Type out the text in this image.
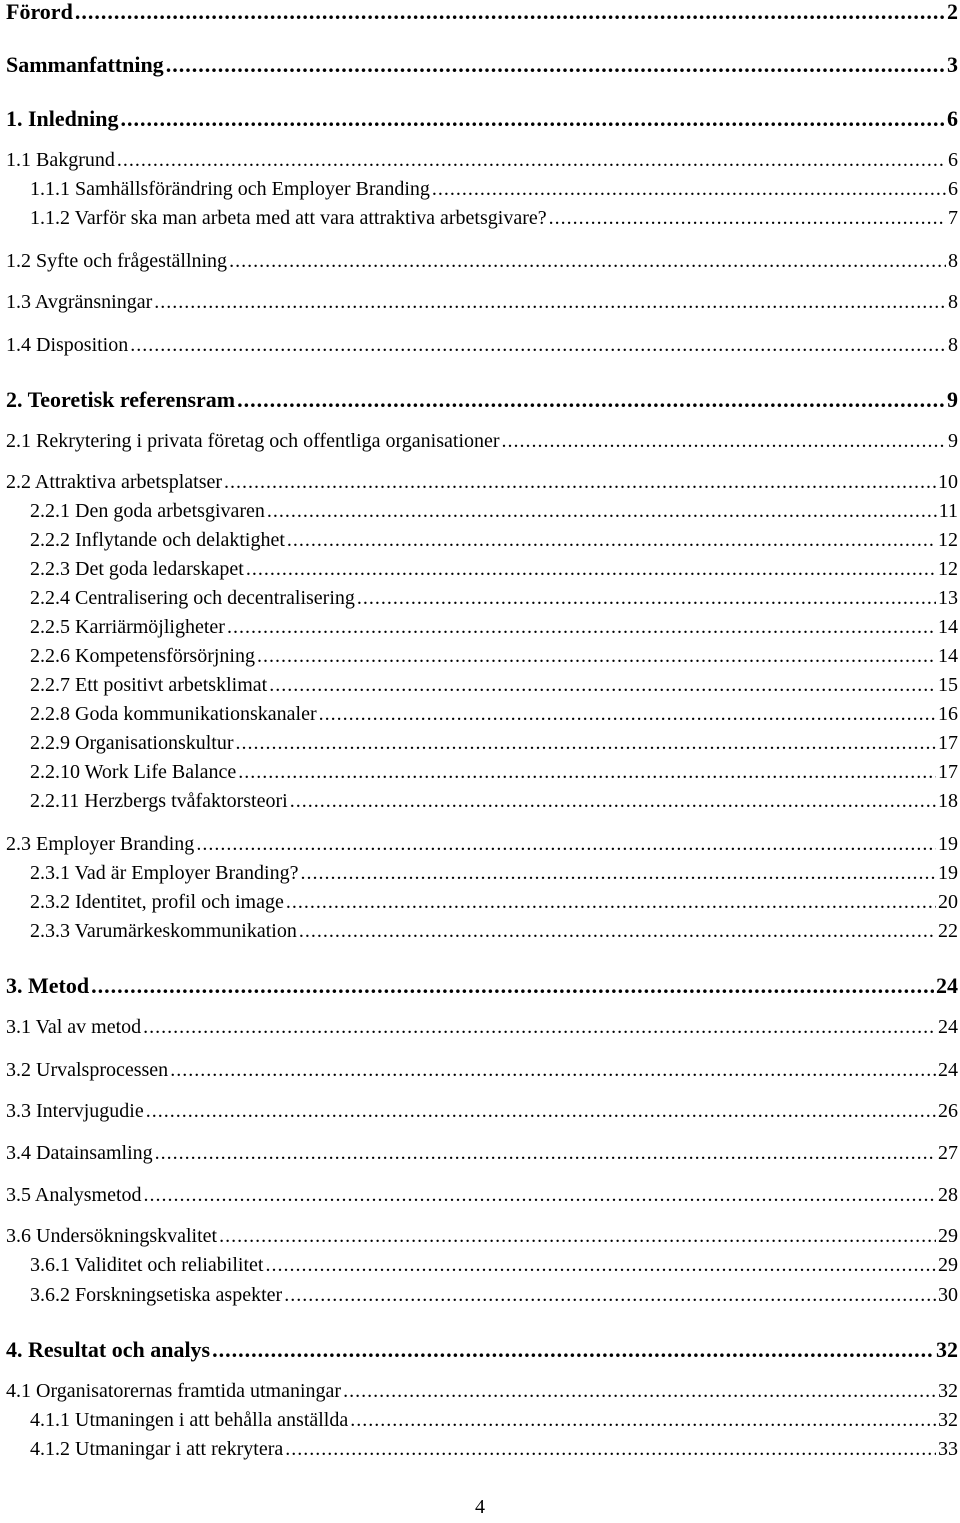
Förord .....	2
Sammanfattning .....	3
1. Inledning .....	6
1.1 Bakgrund .....	6
1.1.1 Samhällsförändring och Employer Branding .....	6
1.1.2 Varför ska man arbeta med att vara attraktiva arbetsgivare? .....	7
1.2 Syfte och frågeställning .....	8
1.3 Avgränsningar .....	8
1.4 Disposition .....	8
2. Teoretisk referensram .....	9
2.1 Rekrytering i privata företag och offentliga organisationer .....	9
2.2 Attraktiva arbetsplatser .....	10
2.2.1 Den goda arbetsgivaren .....	11
2.2.2 Inflytande och delaktighet .....	12
2.2.3 Det goda ledarskapet .....	12
2.2.4 Centralisering och decentralisering .....	13
2.2.5 Karriärmöjligheter .....	14
2.2.6 Kompetensförsörjning .....	14
2.2.7 Ett positivt arbetsklimat .....	15
2.2.8 Goda kommunikationskanaler .....	16
2.2.9 Organisationskultur .....	17
2.2.10 Work Life Balance .....	17
2.2.11 Herzbergs tvåfaktorsteori .....	18
2.3 Employer Branding .....	19
2.3.1 Vad är Employer Branding? .....	19
2.3.2 Identitet, profil och image .....	20
2.3.3 Varumärkeskommunikation .....	22
3. Metod .....	24
3.1 Val av metod .....	24
3.2 Urvalsprocessen .....	24
3.3 Intervjugudie .....	26
3.4 Datainsamling .....	27
3.5 Analysmetod .....	28
3.6 Undersökningskvalitet .....	29
3.6.1 Validitet och reliabilitet .....	29
3.6.2 Forskningsetiska aspekter .....	30
4. Resultat och analys .....	32
4.1 Organisatorernas framtida utmaningar .....	32
4.1.1 Utmaningen i att behålla anställda .....	32
4.1.2 Utmaningar i att rekrytera .....	33
4
